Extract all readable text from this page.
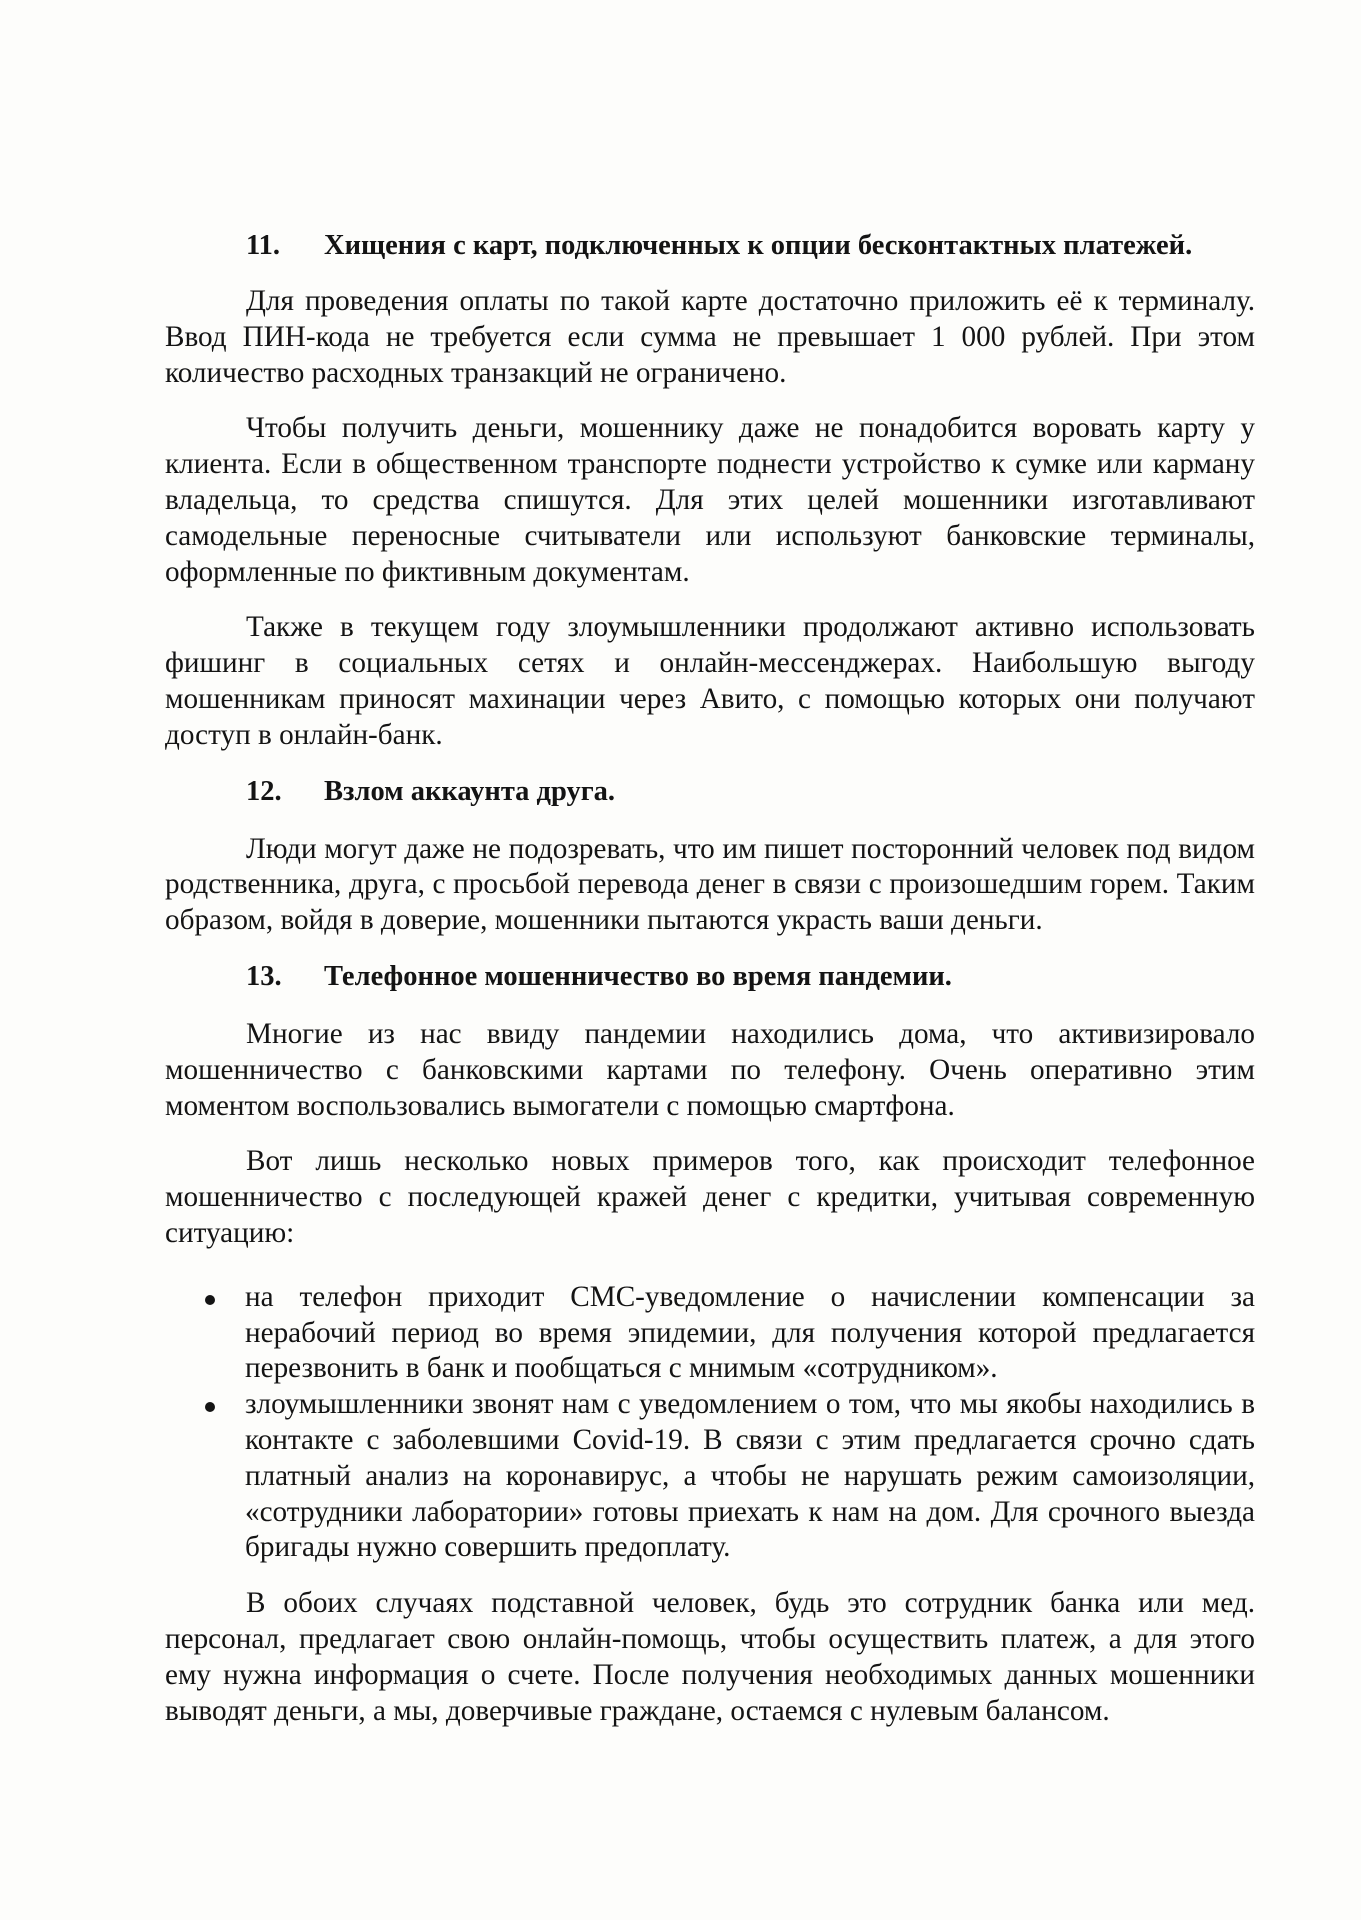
11.	Хищения с карт, подключенных к опции бесконтактных платежей.

Для проведения оплаты по такой карте достаточно приложить её к терминалу. Ввод ПИН-кода не требуется если сумма не превышает 1 000 рублей. При этом количество расходных транзакций не ограничено.

Чтобы получить деньги, мошеннику даже не понадобится воровать карту у клиента. Если в общественном транспорте поднести устройство к сумке или карману владельца, то средства спишутся. Для этих целей мошенники изготавливают самодельные переносные считыватели или используют банковские терминалы, оформленные по фиктивным документам.

Также в текущем году злоумышленники продолжают активно использовать фишинг в социальных сетях и онлайн-мессенджерах. Наибольшую выгоду мошенникам приносят махинации через Авито, с помощью которых они получают доступ в онлайн-банк.

12.	Взлом аккаунта друга.

Люди могут даже не подозревать, что им пишет посторонний человек под видом родственника, друга, с просьбой перевода денег в связи с произошедшим горем. Таким образом, войдя в доверие, мошенники пытаются украсть ваши деньги.

13.	Телефонное мошенничество во время пандемии.

Многие из нас ввиду пандемии находились дома, что активизировало мошенничество с банковскими картами по телефону. Очень оперативно этим моментом воспользовались вымогатели с помощью смартфона.

Вот лишь несколько новых примеров того, как происходит телефонное мошенничество с последующей кражей денег с кредитки, учитывая современную ситуацию:

на телефон приходит СМС-уведомление о начислении компенсации за нерабочий период во время эпидемии, для получения которой предлагается перезвонить в банк и пообщаться с мнимым «сотрудником».
злоумышленники звонят нам с уведомлением о том, что мы якобы находились в контакте с заболевшими Covid-19. В связи с этим предлагается срочно сдать платный анализ на коронавирус, а чтобы не нарушать режим самоизоляции, «сотрудники лаборатории» готовы приехать к нам на дом. Для срочного выезда бригады нужно совершить предоплату.

В обоих случаях подставной человек, будь это сотрудник банка или мед. персонал, предлагает свою онлайн-помощь, чтобы осуществить платеж, а для этого ему нужна информация о счете. После получения необходимых данных мошенники выводят деньги, а мы, доверчивые граждане, остаемся с нулевым балансом.
